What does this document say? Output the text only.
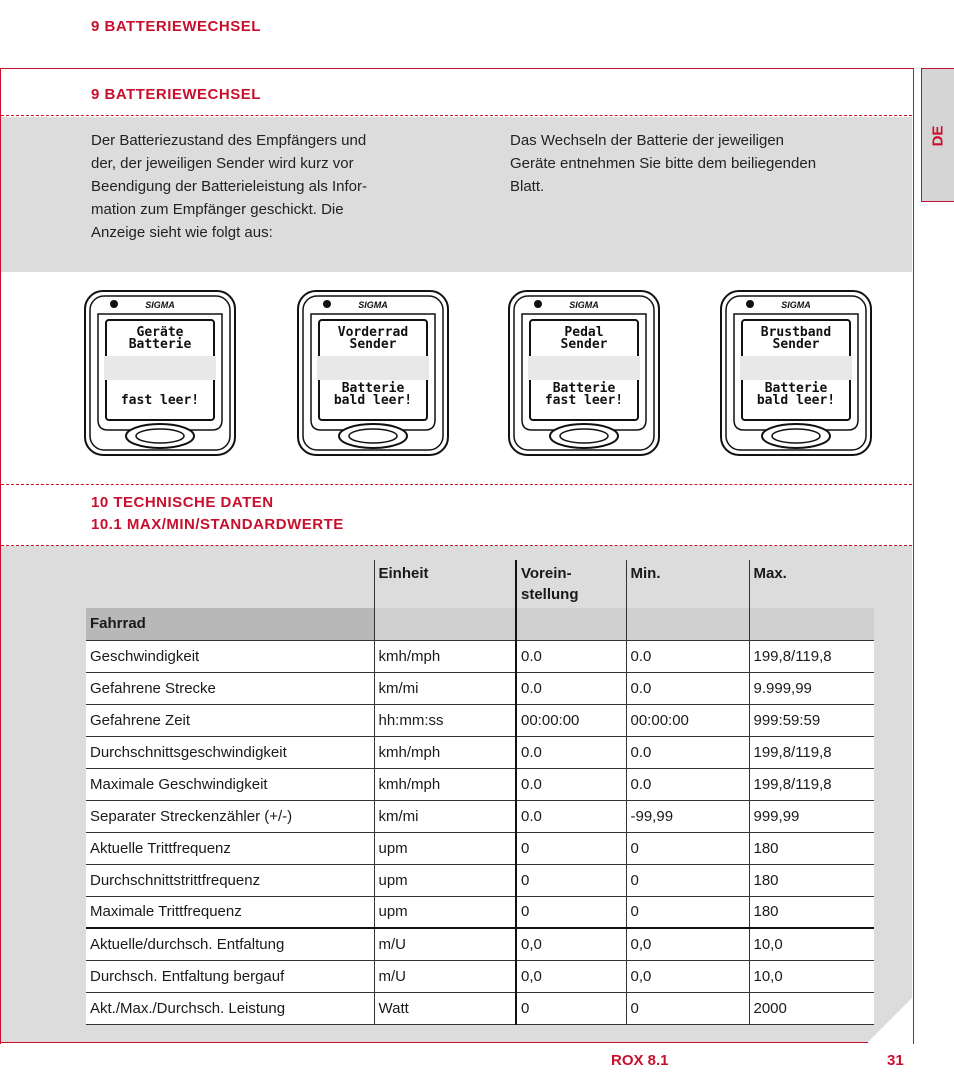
9 BATTERIEWECHSEL
DE
9 BATTERIEWECHSEL
Der Batteriezustand des Empfängers und
der, der jeweiligen Sender wird kurz vor
Beendigung der Batterieleistung als Infor-
mation zum Empfänger geschickt. Die
Anzeige sieht wie folgt aus:
Das Wechseln der Batterie der jeweiligen
Geräte entnehmen Sie bitte dem beiliegenden
Blatt.
SIGMA
Geräte
Batterie
fast leer!
SIGMA
Vorderrad
Sender
Batterie
bald leer!
SIGMA
Pedal
Sender
Batterie
fast leer!
SIGMA
Brustband
Sender
Batterie
bald leer!
10 TECHNISCHE DATEN
10.1 MAX/MIN/STANDARDWERTE
	Einheit	Vorein-
stellung	Min.	Max.
Fahrrad				
Geschwindigkeit	kmh/mph	0.0	0.0	199,8/119,8
Gefahrene Strecke	km/mi	0.0	0.0	9.999,99
Gefahrene Zeit	hh:mm:ss	00:00:00	00:00:00	999:59:59
Durchschnittsgeschwindigkeit	kmh/mph	0.0	0.0	199,8/119,8
Maximale Geschwindigkeit	kmh/mph	0.0	0.0	199,8/119,8
Separater Streckenzähler (+/-)	km/mi	0.0	-99,99	999,99
Aktuelle Trittfrequenz	upm	0	0	180
Durchschnittstrittfrequenz	upm	0	0	180
Maximale Trittfrequenz	upm	0	0	180
Aktuelle/durchsch. Entfaltung	m/U	0,0	0,0	10,0
Durchsch. Entfaltung bergauf	m/U	0,0	0,0	10,0
Akt./Max./Durchsch. Leistung	Watt	0	0	2000
ROX 8.1	31
